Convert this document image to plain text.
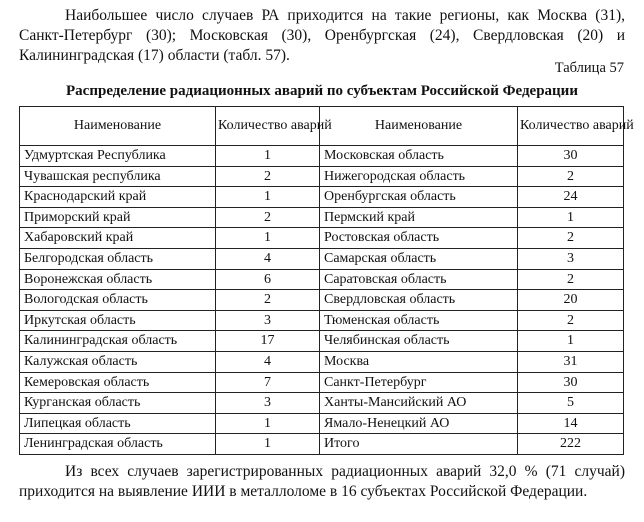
Наибольшее число случаев РА приходится на такие регионы, как Москва (31), Санкт-Петербург (30); Московская (30), Оренбургская (24), Свердловская (20) и Калининградская (17) области (табл. 57).

Таблица 57

Распределение радиационных аварий по субъектам Российской Федерации

Наименование	Количество аварий	Наименование	Количество аварий
Удмуртская Республика	1	Московская область	30
Чувашская республика	2	Нижегородская область	2
Краснодарский край	1	Оренбургская область	24
Приморский край	2	Пермский край	1
Хабаровский край	1	Ростовская область	2
Белгородская область	4	Самарская область	3
Воронежская область	6	Саратовская область	2
Вологодская область	2	Свердловская область	20
Иркутская область	3	Тюменская область	2
Калининградская область	17	Челябинская область	1
Калужская область	4	Москва	31
Кемеровская область	7	Санкт-Петербург	30
Курганская область	3	Ханты-Мансийский АО	5
Липецкая область	1	Ямало-Ненецкий АО	14
Ленинградская область	1	Итого	222

Из всех случаев зарегистрированных радиационных аварий 32,0 % (71 случай) приходится на выявление ИИИ в металлоломе в 16 субъектах Российской Федерации.
